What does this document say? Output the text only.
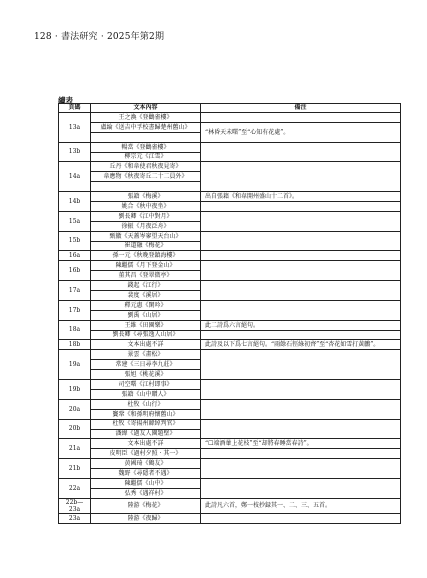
128 · 書法研究 · 2025年第2期
續表
頁碼	文本內容	備注
13a	王之渙《登鸛雀樓》	
	盧綸《送吉中孚校書歸楚州舊山》	“林昏天未曙”至“心知有花處”。

13b	暢當《登鸛雀樓》	
	柳宗元《江雪》	
14a	丘丹《和韋使君秋夜見寄》	
	韋應物《秋夜寄丘二十二員外》	

14b	張籍《梅溪》	出自張籍《和韋開州盛山十二首》。
	姚合《秋中夜坐》	
15a	劉長卿《江中對月》	
	徐振《月夜泛舟》	
15b	甄徽《天蓋岑寥望天台山》	
	崔道融《梅花》	
16a	孫一元《秋晚登鎮海樓》	
16b	陳繼儒《月下登金山》	
	董其昌《登翠微亭》	
17a	錢起《江行》	
	裴度《溪居》	
17b	釋元惠《閑吟》	
	劉禹《山居》	
18a	王維《田園樂》	此二詩爲六言絕句。
	劉長卿《尋張逸人山居》	
18b	文本出處不詳	此詩及以下爲七言絕句。“雨餘石徑綠初齊”至“杏花如雪打黃鸝”。
19a	景雲《畫松》	
	常建《三日尋李九莊》	
	張旭《桃花溪》	
19b	司空曙《江村即事》	
	張籍《山中贈人》	
20a	杜牧《山行》	
	竇鞏《和孫明府懷舊山》	
20b	杜牧《寄揚州韓綽判官》	
	潘緯《過友人園題壁》	
21a	文本出處不詳	“☐端酒暈上花枝”至“却將春睡當春詩”。
	皮明臣《過村夕照 · 其一》	
21b	黄國琦《鶴友》	
	魏野《尋隱者不遇》	
22a	陳繼儒《山中》	
	弘秀《遇祥村》	
22b—23a	陸游《梅花》	此詩凡六首，鄭一枝抄録其一、二、三、五首。
23a	陸游《夜歸》	
